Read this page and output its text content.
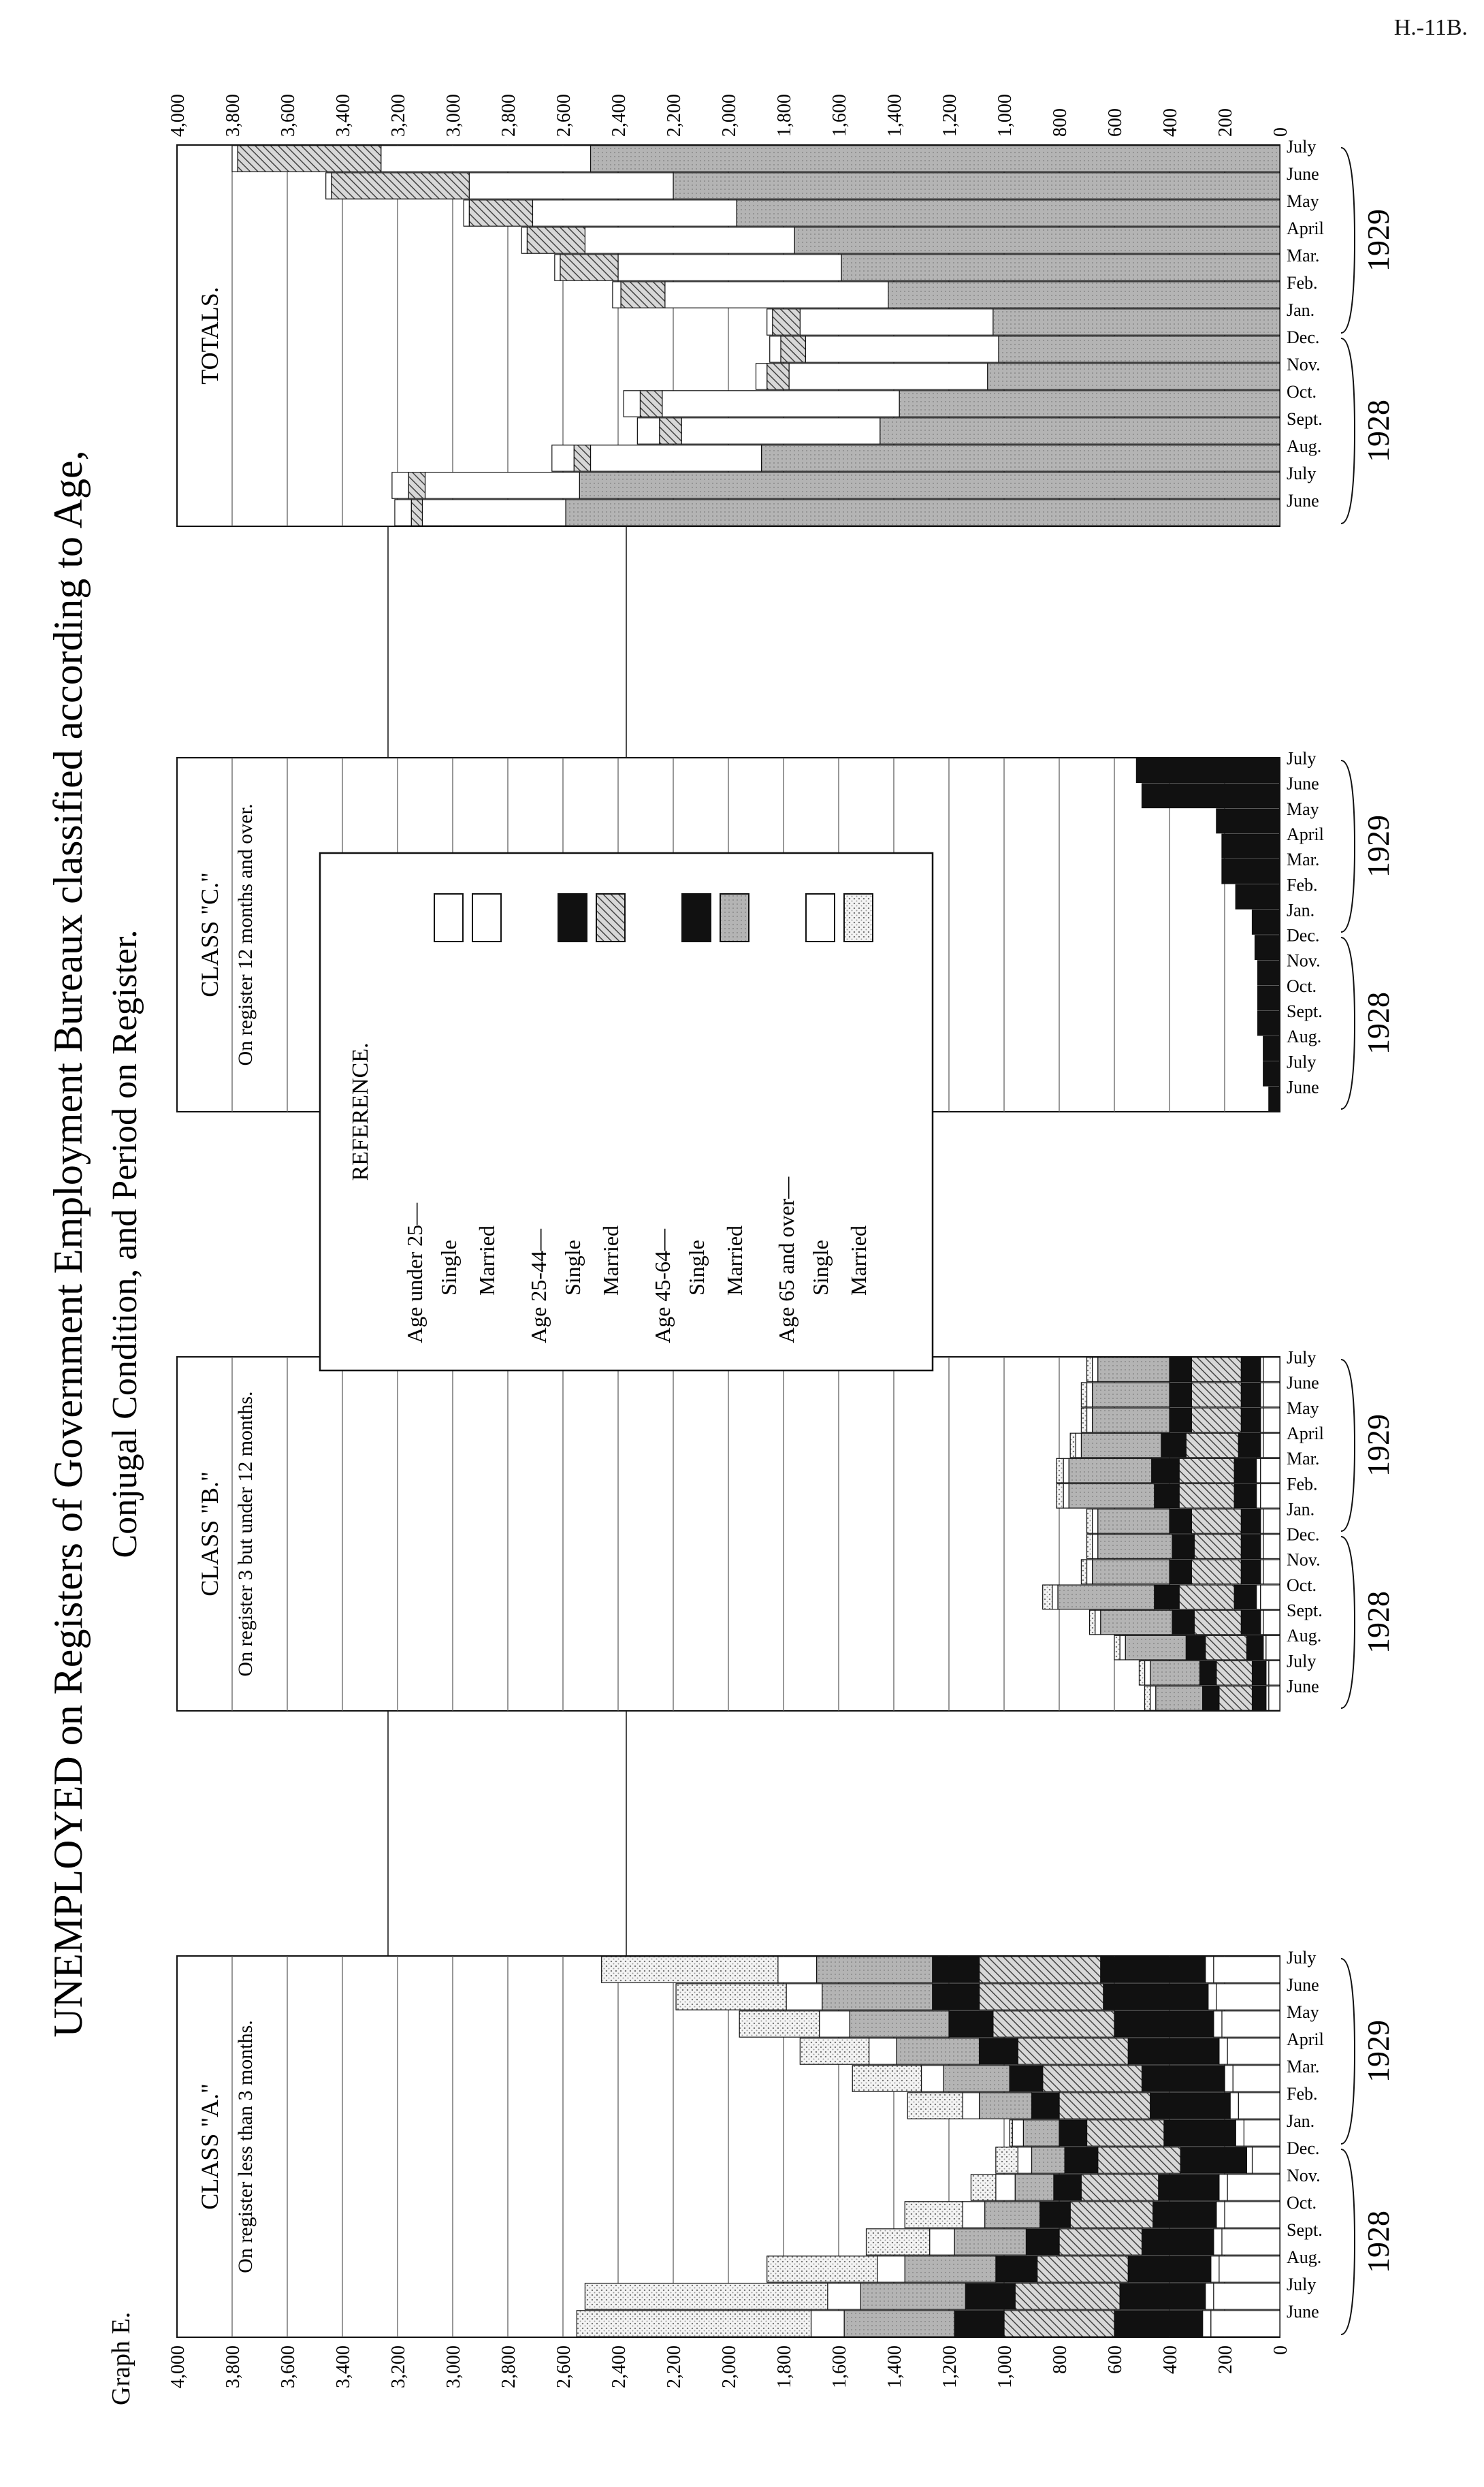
H.-11B.
Graph E.
UNEMPLOYED on Registers of Government Employment Bureaux classified according to Age, Conjugal Condition, and Period on Register.
0
200
400
600
800
1,000
1,200
1,400
1,600
1,800
2,000
2,200
2,400
2,600
2,800
3,000
3,200
3,400
3,600
3,800
4,000
June
July
Aug.
Sept.
Oct.
Nov.
Dec.
Jan.
Feb.
Mar.
April
May
June
July
1928
1929
CLASS "A." On register less than 3 months.
June
July
Aug.
Sept.
Oct.
Nov.
Dec.
Jan.
Feb.
Mar.
April
May
June
July
1928
1929
CLASS "B." On register 3 but under 12 months.
June
July
Aug.
Sept.
Oct.
Nov.
Dec.
Jan.
Feb.
Mar.
April
May
June
July
1928
1929
CLASS "C." On register 12 months and over.
0
200
400
600
800
1,000
1,200
1,400
1,600
1,800
2,000
2,200
2,400
2,600
2,800
3,000
3,200
3,400
3,600
3,800
4,000
June
July
Aug.
Sept.
Oct.
Nov.
Dec.
Jan.
Feb.
Mar.
April
May
June
July
1928
1929
TOTALS.
REFERENCE.
Age under 25— Single Married Age 25-44— Single Married Age 45-64— Single Married Age 65 and over— Single Married
